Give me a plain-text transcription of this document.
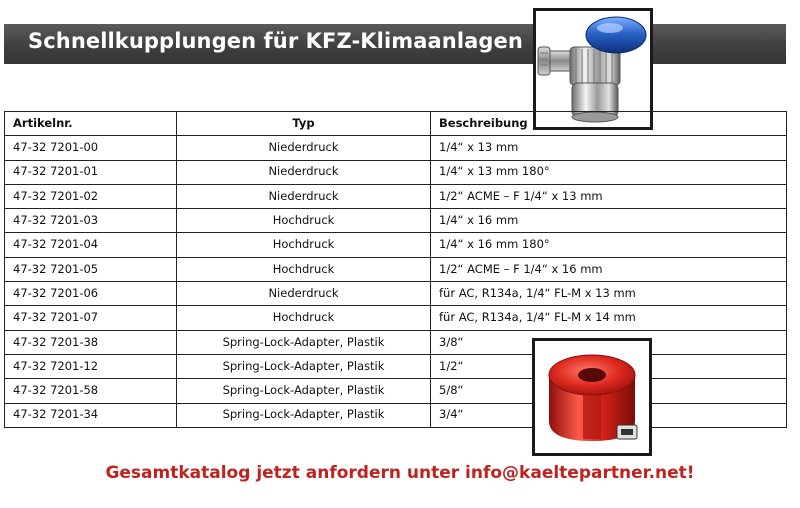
Schnellkupplungen für KFZ-Klimaanlagen
Artikelnr.	Typ	Beschreibung
47-32 7201-00	Niederdruck	1/4“ x 13 mm
47-32 7201-01	Niederdruck	1/4“ x 13 mm 180°
47-32 7201-02	Niederdruck	1/2“ ACME – F 1/4“ x 13 mm
47-32 7201-03	Hochdruck	1/4“ x 16 mm
47-32 7201-04	Hochdruck	1/4“ x 16 mm 180°
47-32 7201-05	Hochdruck	1/2“ ACME – F 1/4“ x 16 mm
47-32 7201-06	Niederdruck	für AC, R134a, 1/4“ FL-M x 13 mm
47-32 7201-07	Hochdruck	für AC, R134a, 1/4“ FL-M x 14 mm
47-32 7201-38	Spring-Lock-Adapter, Plastik	3/8“
47-32 7201-12	Spring-Lock-Adapter, Plastik	1/2“
47-32 7201-58	Spring-Lock-Adapter, Plastik	5/8“
47-32 7201-34	Spring-Lock-Adapter, Plastik	3/4“
Gesamtkatalog jetzt anfordern unter info@kaeltepartner.net!
